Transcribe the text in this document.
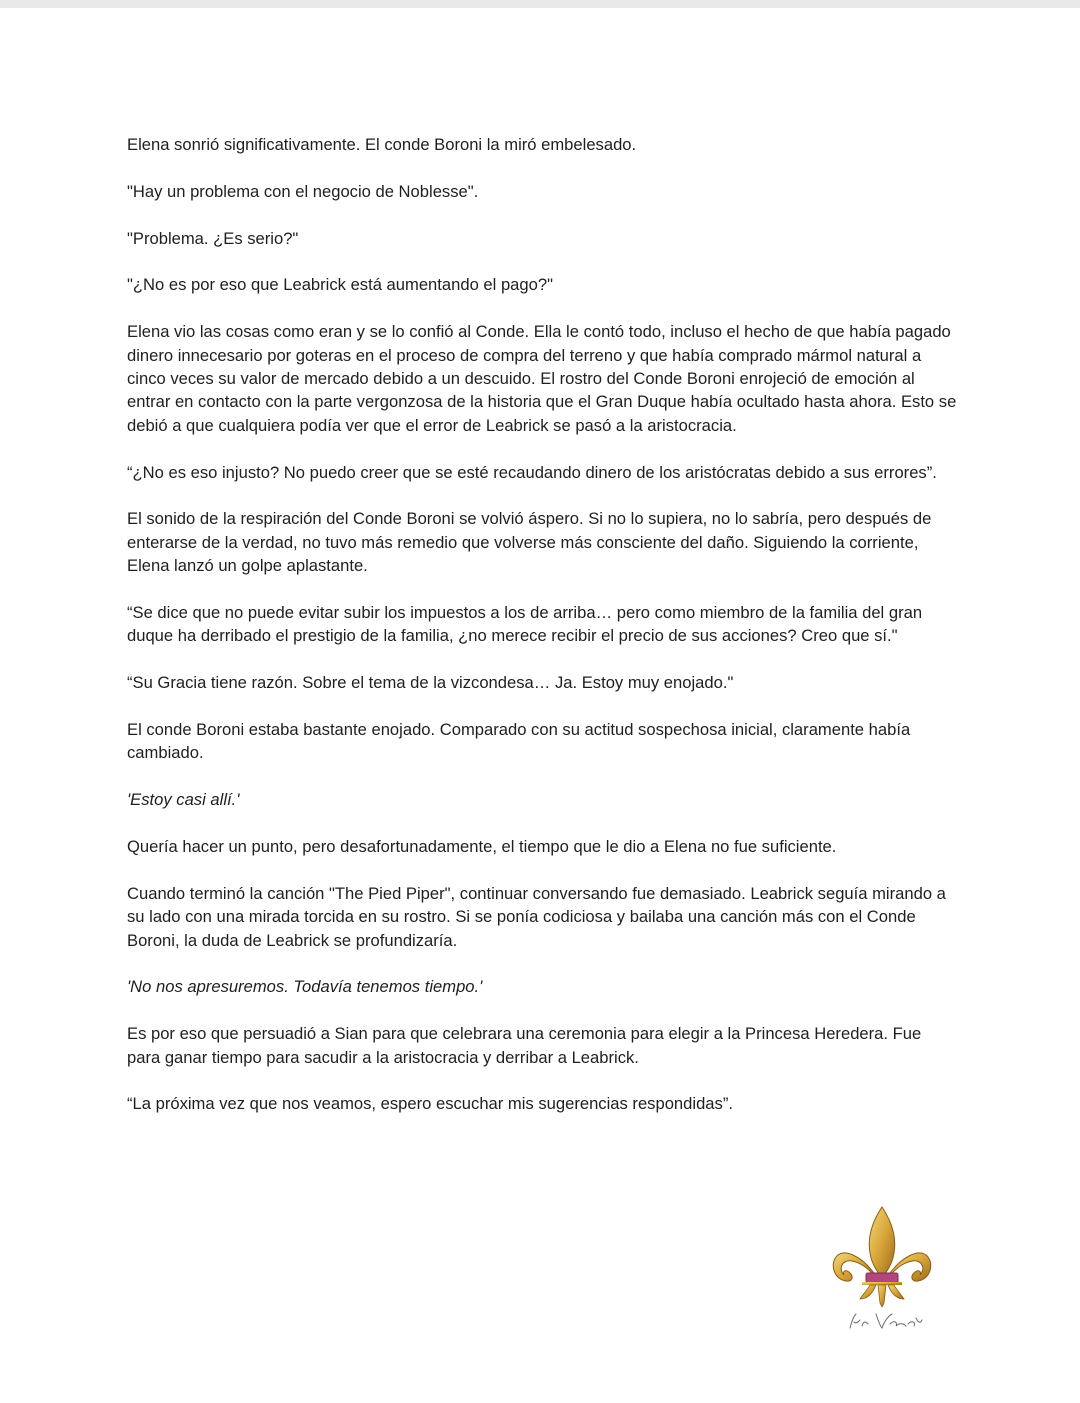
Elena sonrió significativamente. El conde Boroni la miró embelesado.

"Hay un problema con el negocio de Noblesse".

"Problema. ¿Es serio?"

"¿No es por eso que Leabrick está aumentando el pago?"

Elena vio las cosas como eran y se lo confió al Conde. Ella le contó todo, incluso el hecho de que había pagado dinero innecesario por goteras en el proceso de compra del terreno y que había comprado mármol natural a cinco veces su valor de mercado debido a un descuido. El rostro del Conde Boroni enrojeció de emoción al entrar en contacto con la parte vergonzosa de la historia que el Gran Duque había ocultado hasta ahora. Esto se debió a que cualquiera podía ver que el error de Leabrick se pasó a la aristocracia.

“¿No es eso injusto? No puedo creer que se esté recaudando dinero de los aristócratas debido a sus errores”.

El sonido de la respiración del Conde Boroni se volvió áspero. Si no lo supiera, no lo sabría, pero después de enterarse de la verdad, no tuvo más remedio que volverse más consciente del daño. Siguiendo la corriente, Elena lanzó un golpe aplastante.

“Se dice que no puede evitar subir los impuestos a los de arriba… pero como miembro de la familia del gran duque ha derribado el prestigio de la familia, ¿no merece recibir el precio de sus acciones? Creo que sí."

“Su Gracia tiene razón. Sobre el tema de la vizcondesa… Ja. Estoy muy enojado."

El conde Boroni estaba bastante enojado. Comparado con su actitud sospechosa inicial, claramente había cambiado.

'Estoy casi allí.'

Quería hacer un punto, pero desafortunadamente, el tiempo que le dio a Elena no fue suficiente.

Cuando terminó la canción "The Pied Piper", continuar conversando fue demasiado. Leabrick seguía mirando a su lado con una mirada torcida en su rostro. Si se ponía codiciosa y bailaba una canción más con el Conde Boroni, la duda de Leabrick se profundizaría.

'No nos apresuremos. Todavía tenemos tiempo.'

Es por eso que persuadió a Sian para que celebrara una ceremonia para elegir a la Princesa Heredera. Fue para ganar tiempo para sacudir a la aristocracia y derribar a Leabrick.

“La próxima vez que nos veamos, espero escuchar mis sugerencias respondidas”.
